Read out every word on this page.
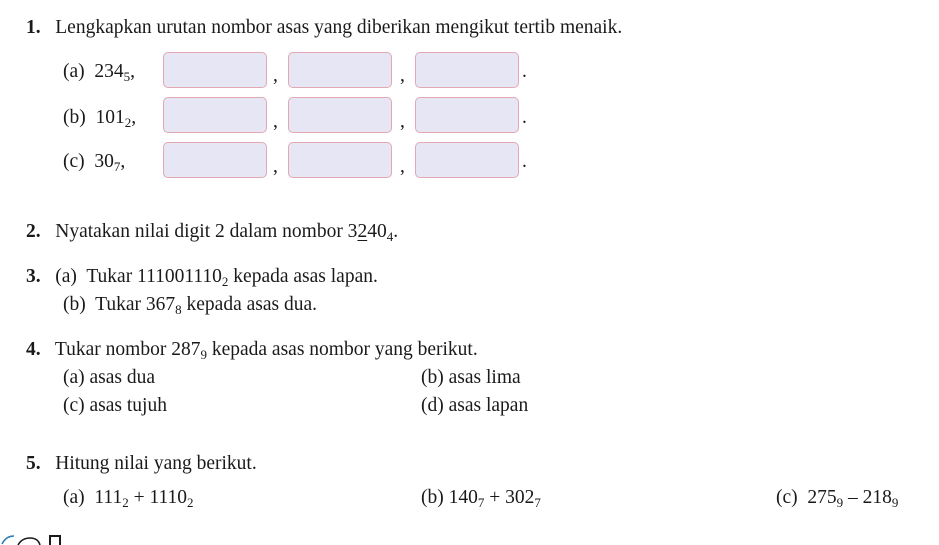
1. Lengkapkan urutan nombor asas yang diberikan mengikut tertib menaik.
(a) $234_5$,	,	,	.
(b) $101_2$,	,	,	.
(c) $30_7$,	,	,	.
2. Nyatakan nilai digit 2 dalam nombor $3240_4$.
3. (a) Tukar $111001110_2$ kepada asas lapan.
(b) Tukar $367_8$ kepada asas dua.
4. Tukar nombor $287_9$ kepada asas nombor yang berikut.
(a) asas dua	(b) asas lima
(c) asas tujuh	(d) asas lapan
5. Hitung nilai yang berikut.
(a) $111_2 + 1110_2$	(b) $140_7 + 302_7$	(c) $275_9 - 218_9$
